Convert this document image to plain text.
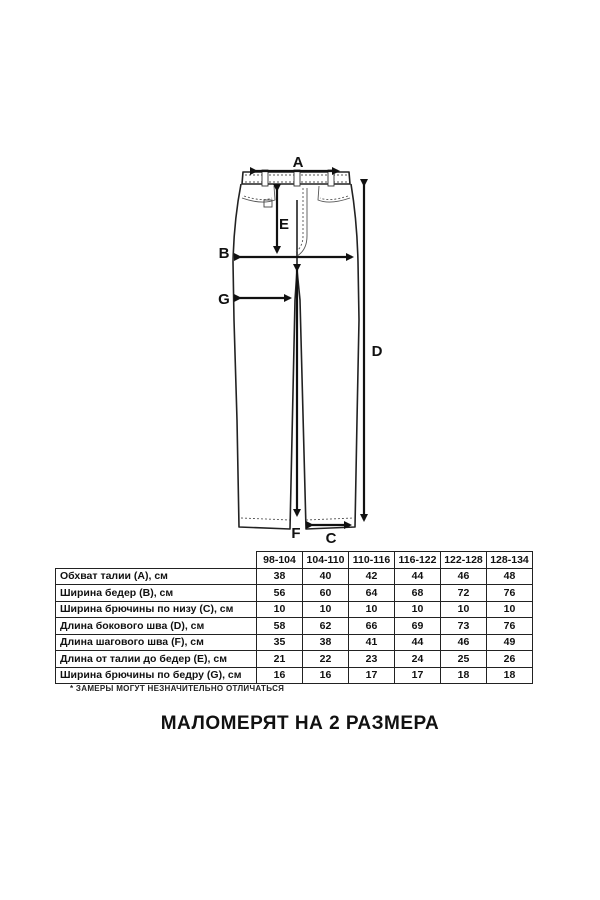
A
B
C
D
E
F
G
	98-104	104-110	110-116	116-122	122-128	128-134
Обхват талии (А), см	38	40	42	44	46	48
Ширина бедер (В), см	56	60	64	68	72	76
Ширина брючины по низу (С), см	10	10	10	10	10	10
Длина бокового шва (D), см	58	62	66	69	73	76
Длина шагового шва (F), см	35	38	41	44	46	49
Длина от талии до бедер (Е), см	21	22	23	24	25	26
Ширина брючины по бедру (G), см	16	16	17	17	18	18
* ЗАМЕРЫ МОГУТ НЕЗНАЧИТЕЛЬНО ОТЛИЧАТЬСЯ
МАЛОМЕРЯТ НА 2 РАЗМЕРА
